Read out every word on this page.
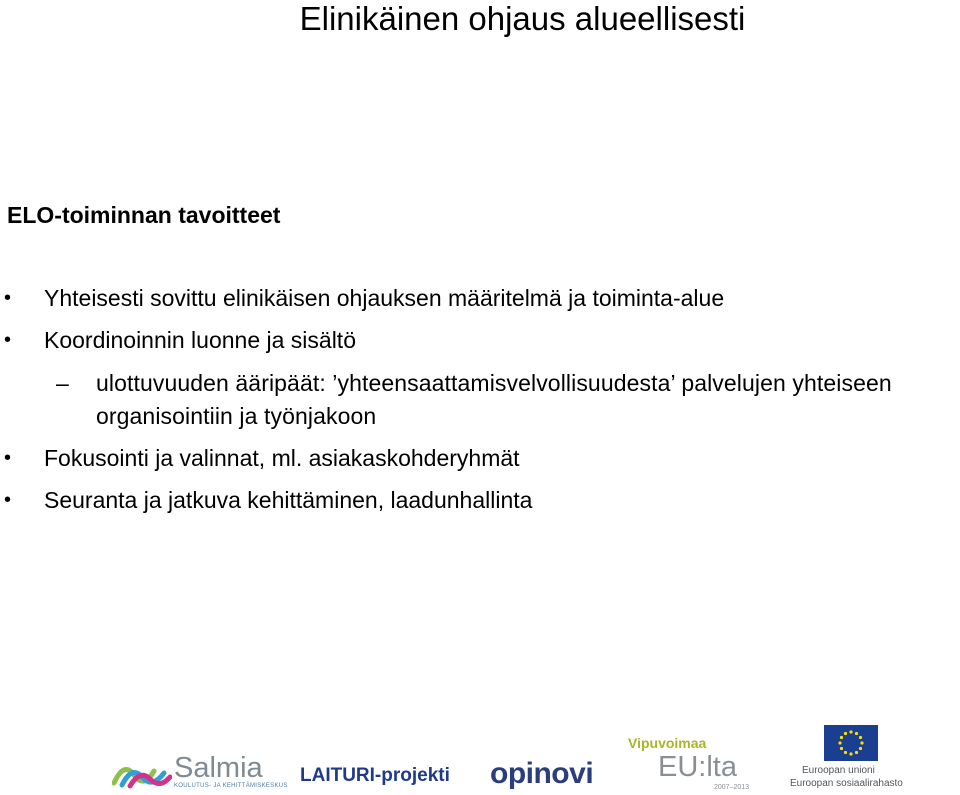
Elinikäinen ohjaus alueellisesti
ELO-toiminnan tavoitteet
• Yhteisesti sovittu elinikäisen ohjauksen määritelmä ja toiminta-alue
• Koordinoinnin luonne ja sisältö
– ulottuvuuden ääripäät: ’yhteensaattamisvelvollisuudesta’ palvelujen yhteiseen organisointiin ja työnjakoon
• Fokusointi ja valinnat, ml. asiakaskohderyhmät
• Seuranta ja jatkuva kehittäminen, laadunhallinta
Salmia
KOULUTUS- JA KEHITTÄMISKESKUS LAITURI-projekti opinovi
Vipuvoimaa
EU:lta
2007–2013
Euroopan unioni
Euroopan sosiaalirahasto
